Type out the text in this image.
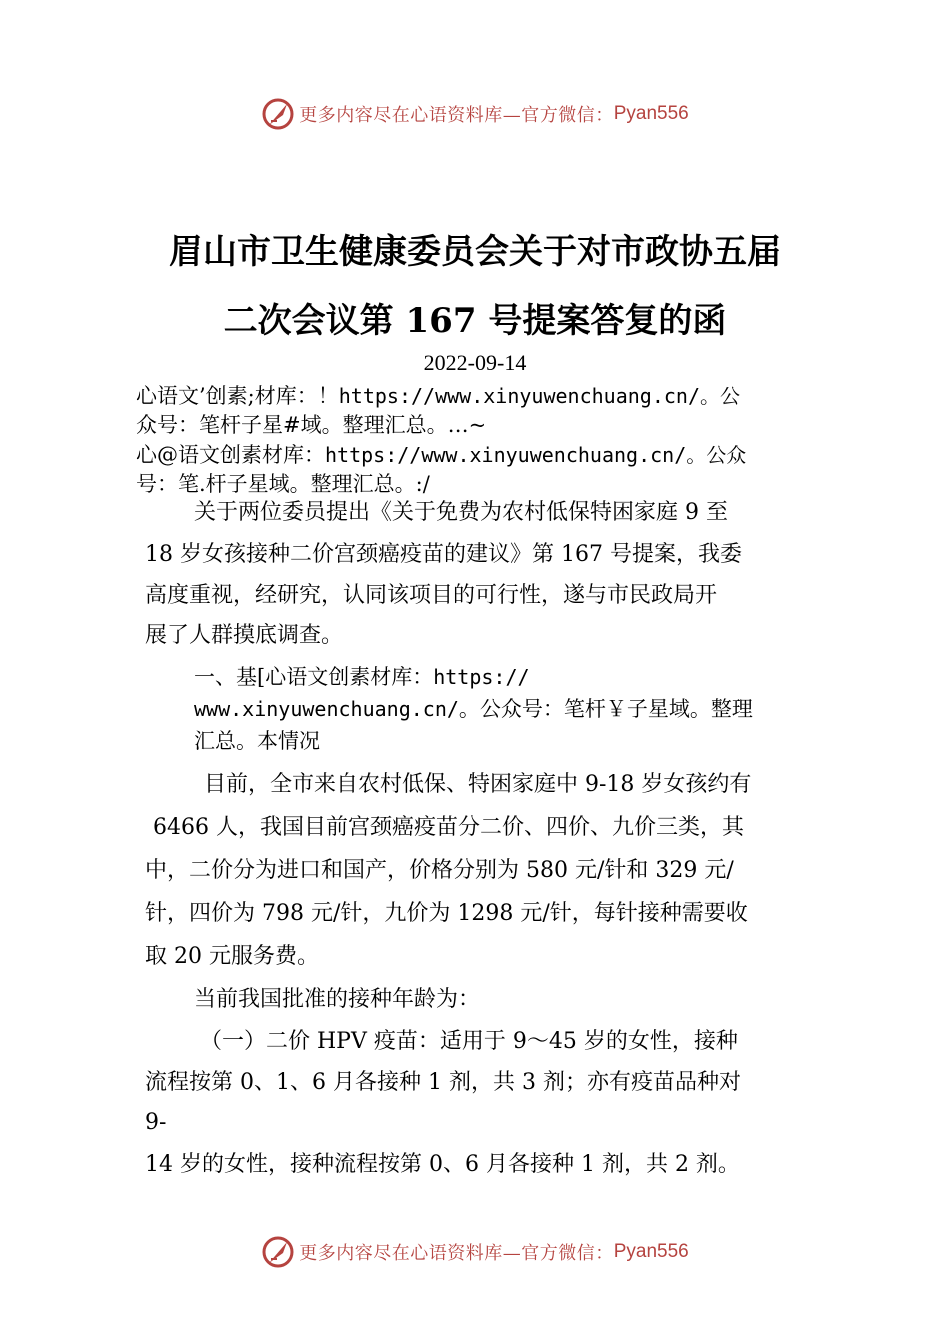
更多内容尽在心语资料库—官方微信： Pyan556
眉山市卫生健康委员会关于对市政协五届
二次会议第 167 号提案答复的函
2022-09-14
心语文’创素;材库：！https://www.xinyuwenchuang.cn/。公
众号：笔杆子星#域。整理汇总。…~
心@语文创素材库：https://www.xinyuwenchuang.cn/。公众
号：笔.杆子星域。整理汇总。:/
关于两位委员提出《关于免费为农村低保特困家庭 9 至
18 岁女孩接种二价宫颈癌疫苗的建议》第 167 号提案，我委
高度重视，经研究，认同该项目的可行性，遂与市民政局开
展了人群摸底调查。
一、基[心语文创素材库：https://
www.xinyuwenchuang.cn/。公众号：笔杆￥子星域。整理
汇总。本情况
目前，全市来自农村低保、特困家庭中 9-18 岁女孩约有
6466 人，我国目前宫颈癌疫苗分二价、四价、九价三类，其
中，二价分为进口和国产，价格分别为 580 元/针和 329 元/
针，四价为 798 元/针，九价为 1298 元/针，每针接种需要收
取 20 元服务费。
当前我国批准的接种年龄为：
（一）二价 HPV 疫苗：适用于 9～45 岁的女性，接种
流程按第 0、1、6 月各接种 1 剂，共 3 剂；亦有疫苗品种对
9-
14 岁的女性，接种流程按第 0、6 月各接种 1 剂，共 2 剂。
更多内容尽在心语资料库—官方微信： Pyan556
